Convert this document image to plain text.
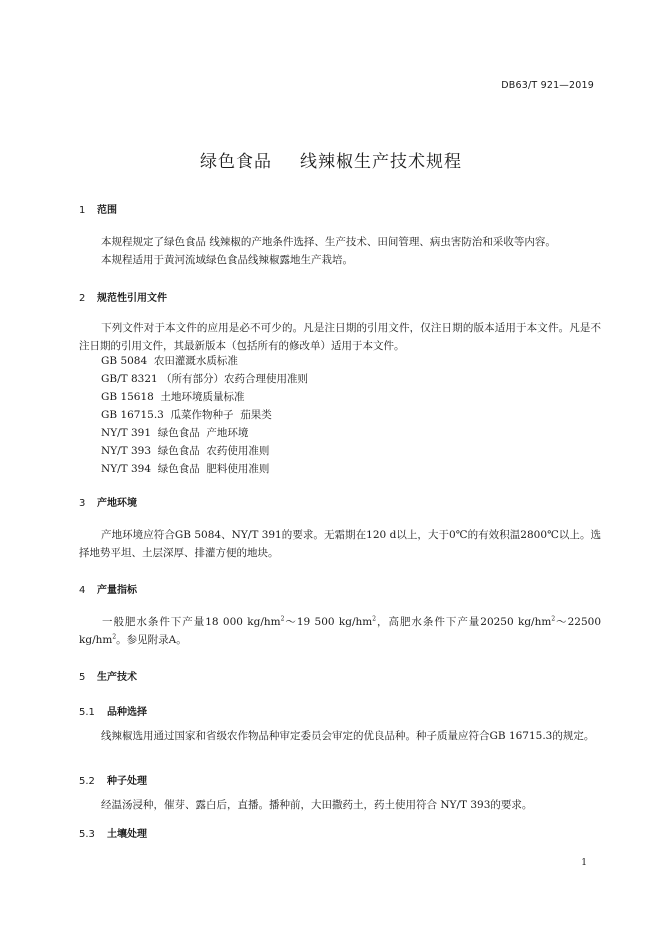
DB63/T 921—2019
绿色食品 线辣椒生产技术规程
1 范围
本规程规定了绿色食品 线辣椒的产地条件选择、生产技术、田间管理、病虫害防治和采收等内容。
本规程适用于黄河流域绿色食品线辣椒露地生产栽培。
2 规范性引用文件
下列文件对于本文件的应用是必不可少的。凡是注日期的引用文件，仅注日期的版本适用于本文件。凡是不注日期的引用文件，其最新版本（包括所有的修改单）适用于本文件。
GB 5084  农田灌溉水质标准
GB/T 8321 （所有部分）农药合理使用准则
GB 15618  土地环境质量标准
GB 16715.3  瓜菜作物种子  茄果类
NY/T 391  绿色食品  产地环境
NY/T 393  绿色食品  农药使用准则
NY/T 394  绿色食品  肥料使用准则
3 产地环境
产地环境应符合GB 5084、NY/T 391的要求。无霜期在120 d以上，大于0℃的有效积温2800℃以上。选择地势平坦、土层深厚、排灌方便的地块。
4 产量指标
一般肥水条件下产量18 000 $kg/hm^2\sim 19$ 500 $kg/hm^2$，高肥水条件下产量20250 $kg/hm^2\sim 22500$ $kg/hm^2$。参见附录A。
5 生产技术
5.1 品种选择
线辣椒选用通过国家和省级农作物品种审定委员会审定的优良品种。种子质量应符合GB 16715.3的规定。
5.2 种子处理
经温汤浸种，催芽、露白后，直播。播种前，大田撒药土，药土使用符合 NY/T 393的要求。
5.3 土壤处理
1
